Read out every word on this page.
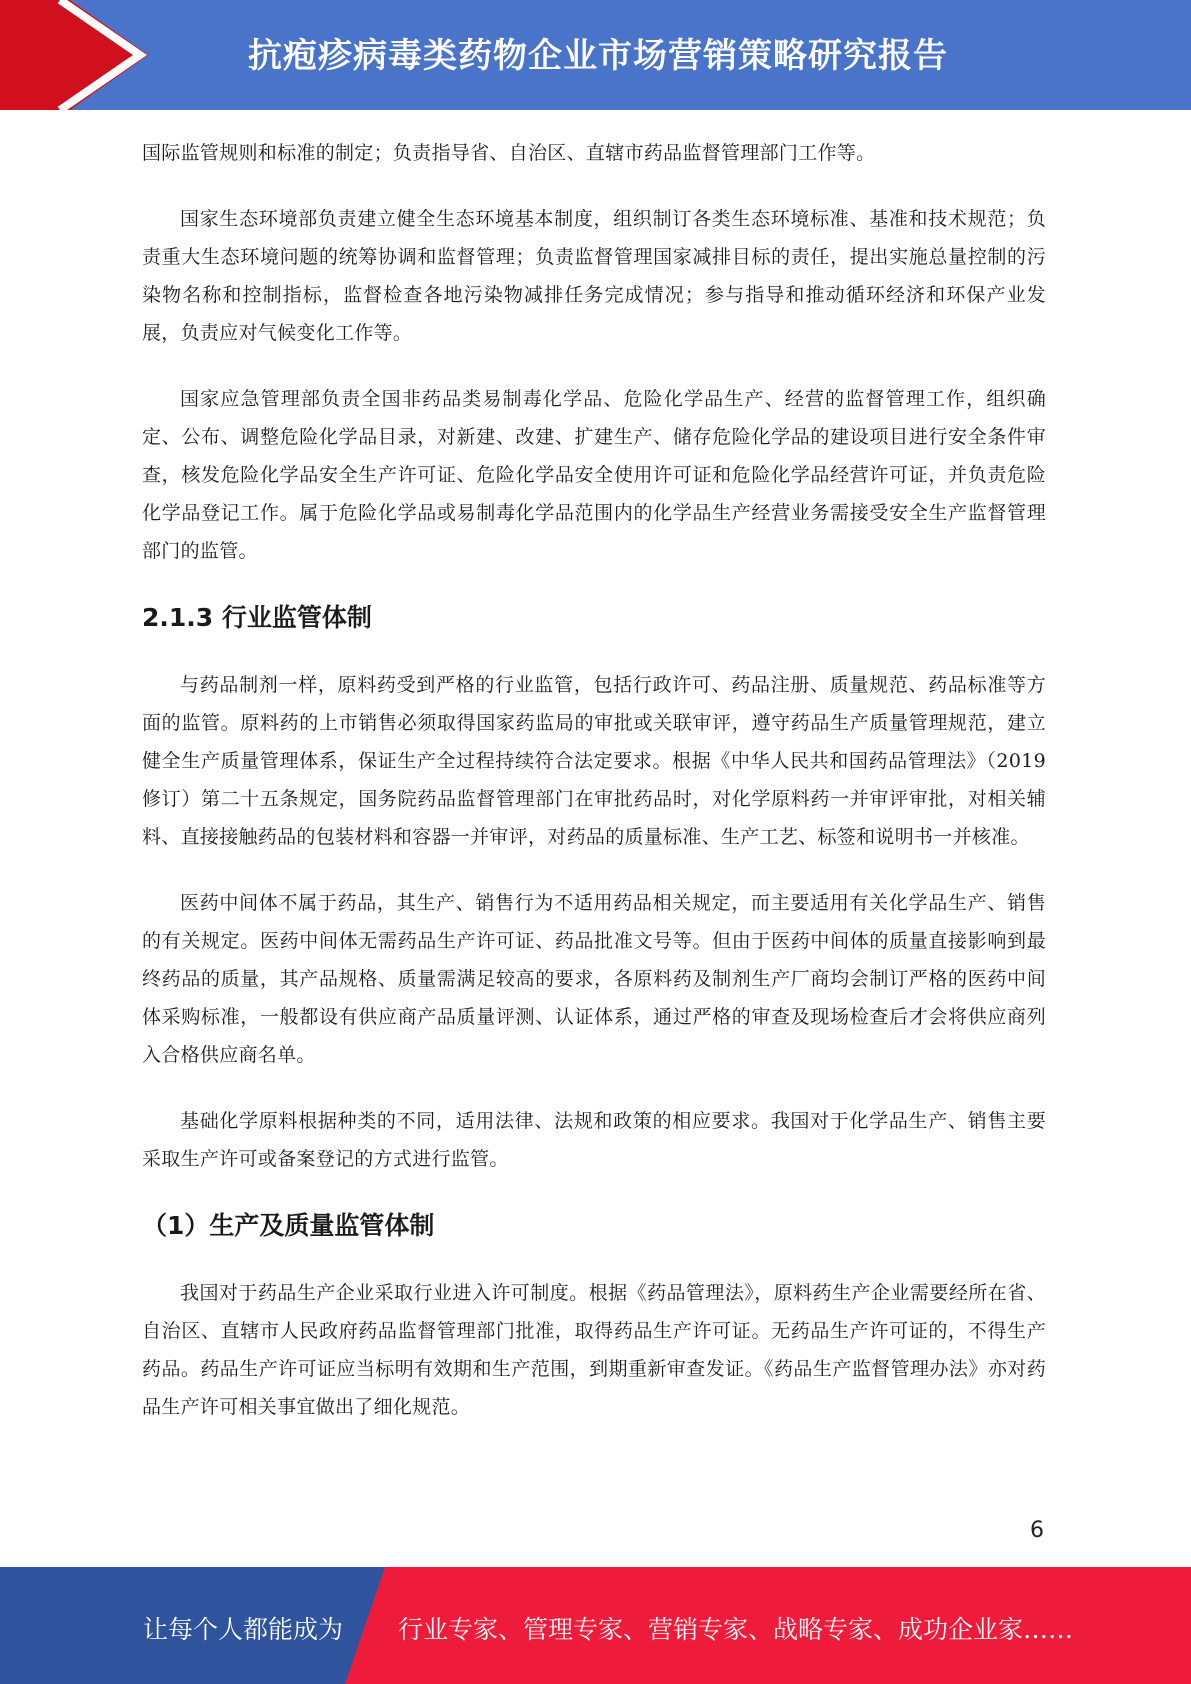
抗疱疹病毒类药物企业市场营销策略研究报告

国际监管规则和标准的制定；负责指导省、自治区、直辖市药品监督管理部门工作等。

国家生态环境部负责建立健全生态环境基本制度，组织制订各类生态环境标准、基准和技术规范；负责重大生态环境问题的统筹协调和监督管理；负责监督管理国家减排目标的责任，提出实施总量控制的污染物名称和控制指标，监督检查各地污染物减排任务完成情况；参与指导和推动循环经济和环保产业发展，负责应对气候变化工作等。

国家应急管理部负责全国非药品类易制毒化学品、危险化学品生产、经营的监督管理工作，组织确定、公布、调整危险化学品目录，对新建、改建、扩建生产、储存危险化学品的建设项目进行安全条件审查，核发危险化学品安全生产许可证、危险化学品安全使用许可证和危险化学品经营许可证，并负责危险化学品登记工作。属于危险化学品或易制毒化学品范围内的化学品生产经营业务需接受安全生产监督管理部门的监管。

2.1.3 行业监管体制

与药品制剂一样，原料药受到严格的行业监管，包括行政许可、药品注册、质量规范、药品标准等方面的监管。原料药的上市销售必须取得国家药监局的审批或关联审评，遵守药品生产质量管理规范，建立健全生产质量管理体系，保证生产全过程持续符合法定要求。根据《中华人民共和国药品管理法》（2019 修订）第二十五条规定，国务院药品监督管理部门在审批药品时，对化学原料药一并审评审批，对相关辅料、直接接触药品的包装材料和容器一并审评，对药品的质量标准、生产工艺、标签和说明书一并核准。

医药中间体不属于药品，其生产、销售行为不适用药品相关规定，而主要适用有关化学品生产、销售的有关规定。医药中间体无需药品生产许可证、药品批准文号等。但由于医药中间体的质量直接影响到最终药品的质量，其产品规格、质量需满足较高的要求，各原料药及制剂生产厂商均会制订严格的医药中间体采购标准，一般都设有供应商产品质量评测、认证体系，通过严格的审查及现场检查后才会将供应商列入合格供应商名单。

基础化学原料根据种类的不同，适用法律、法规和政策的相应要求。我国对于化学品生产、销售主要采取生产许可或备案登记的方式进行监管。

（1）生产及质量监管体制

我国对于药品生产企业采取行业进入许可制度。根据《药品管理法》，原料药生产企业需要经所在省、自治区、直辖市人民政府药品监督管理部门批准，取得药品生产许可证。无药品生产许可证的，不得生产药品。药品生产许可证应当标明有效期和生产范围，到期重新审查发证。《药品生产监督管理办法》亦对药品生产许可相关事宜做出了细化规范。

6
让每个人都能成为 行业专家、管理专家、营销专家、战略专家、成功企业家……
